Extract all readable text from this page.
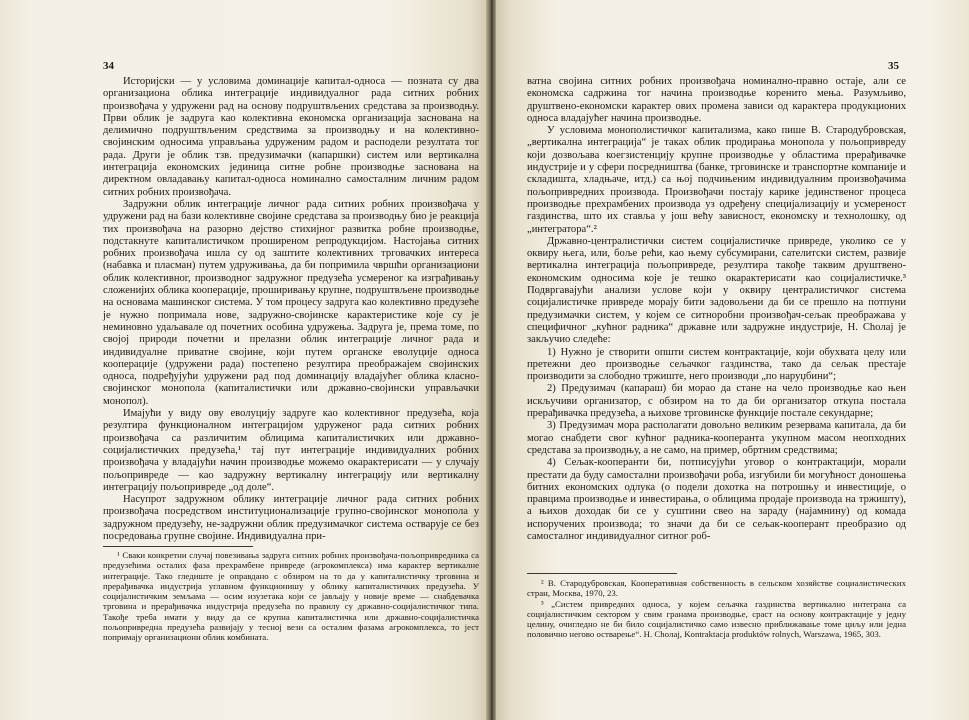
34	35

Историјски — у условима доминације капитал-односа — позната су два организациона облика интеграције индивидуалног рада ситних робних произвођача у удружени рад на основу подруштвљених средстава за производњу. Први облик је задруга као колективна економска организација заснована на делимично подруштвљеним средствима за производњу и на колективно-својинским односима управљања удруженим радом и расподели резултата тог рада. Други је облик тзв. предузимачки (капаршки) систем или вертикална интеграција економских јединица ситне робне производње заснована на директном овладавању капитал-односа номинално самосталним личним радом ситних робних произвођача.

Задружни облик интеграције личног рада ситних робних произвођача у удружени рад на бази колективне својине средстава за производњу био је реакција тих произвођача на разорно дејство стихијног развитка робне производње, подстакнуте капиталистичком проширеном репродукцијом. Настојања ситних робних произвођача ишла су од заштите колективних трговачких интереса (набавка и пласман) путем удруживања, да би попримила чвршћи организациони облик колективног, производног задружног предузећа усмереног ка изграђивању сложенијих облика кооперације, проширивању крупне, подруштвљене производње на основама машинског система. У том процесу задруга као колективно предузеће је нужно попримала нове, задружно-својинске карактеристике које су је неминовно удаљавале од почетних особина удружења. Задруга је, према томе, по својој природи почетни и прелазни облик интеграције личног рада и индивидуалне приватне својине, који путем органске еволуције односа кооперације (удружени рада) постепено резултира преображајем својинских односа, подређујући удружени рад под доминацију владајућег облика класно-својинског монопола (капиталистички или државно-својински управљачки монопол).

Имајући у виду ову еволуцију задруге као колективног предузећа, која резултира функционалном интеграцијом удруженог рада ситних робних произвођача са различитим облицима капиталистичких или државно-социјалистичких предузећа,¹ тај пут интеграције индивидуалних робних произвођача у владајући начин производње можемо окарактерисати — у случају пољопривреде — као задружну вертикалну интеграцију или вертикалну интеграцију пољопривреде „од доле“.

Насупрот задружном облику интеграције личног рада ситних робних произвођача посредством институционализације групно-својинског монопола у задружном предузећу, не-задружни облик предузимачког система остварује се без посредовања групне својине. Индивидуална при-

¹ Сваки конкретни случај повезивања задруга ситних робних произвођача-пољопривредника са предузећима осталих фаза прехрамбене привреде (агрокомплекса) има карактер вертикалне интеграције. Тако гледиште је оправдано с обзиром на то да у капиталистичку трговина и прерађивачка индустрија углавном функционишу у облику капиталистичких предузећа. У социјалистичким земљама — осим изузетака који се јављају у новије време — снабдевачка трговина и прерађивачка индустрија предузећа по правилу су државно-социјалистичког типа. Такође треба имати у виду да се крупна капиталистичка или државно-социјалистичка пољопривредна предузећа развијају у тесној вези са осталим фазама агрокомплекса, то јест попримају организациони облик комбината.

ватна својина ситних робних произвођача номинално-правно остаје, али се економска садржина тог начина производње коренито мења. Разумљиво, друштвено-економски карактер ових промена зависи од карактера продукционих односа владајућег начина производње.

У условима монополистичког капитализма, како пише В. Стародубровская, „вертикална интеграција“ је таках облик продирања монопола у пољопривреду који дозвољава коегзистенцију крупне производње у областима прерађивачке индустрије и у сфери посредништва (банке, трговинске и транспортне компаније и складишта, хладњаче, итд.) са њој подчињеним индивидуалним произвођачима пољопривредних производа. Произвођачи постају карике јединственог процеса производње прехрамбених производа уз одређену специјализацију и усмереност газдинства, што их ставља у још већу зависност, економску и технолошку, од „интегратора“.²

Државно-централистички систем социјалистичке привреде, уколико се у оквиру њега, или, боље рећи, као њему субсумирани, сателитски систем, развије вертикална интеграција пољопривреде, резултира такође таквим друштвено-економским односима које је тешко окарактерисати као социјалистичке.³ Подвргавајући анализи услове који у оквиру централистичког система социјалистичке привреде морају бити задовољени да би се прешло на потпуни предузимачки систем, у којем се ситноробни произвођач-сељак преображава у специфичног „кућног радника“ државне или задружне индустрије, Н. Choлај је закључио следеће:

1) Нужно је створити општи систем контрактације, који обухвата целу или претежни део производње сељачког газдинства, тако да сељак престаје производити за слободно тржиште, него производи „по наруџбини“;

2) Предузимач (капараш) би морао да стане на чело производње као њен искључиви организатор, с обзиром на то да би организатор откупа постала прерађивачка предузећа, а њихове трговинске функције постале секундарне;

3) Предузимач мора располагати довољно великим резервама капитала, да би могао снабдети свог кућног радника-кооперанта укупном масом неопходних средстава за производњу, а не само, на пример, обртним средствима;

4) Сељак-кооперанти би, потписујући уговор о контрактацији, морали престати да буду самостални произвођачи роба, изгубили би могућност доношења битних економских одлука (о подели дохотка на потрошњу и инвестиције, о правцима производње и инвестирања, о облицима продаје производа на тржишту), а њихов доходак би се у суштини свео на зараду (најамнину) од комада испоручених производа; то значи да би се сељак-кооперант преобразио од самосталног индивидуалног ситног роб-

² В. Стародубровская, Кооперативная собственность в сельском хозяйстве социалистических стран, Москва, 1970, 23.

³ „Систем привредних односа, у којем сељачка газдинства вертикално интеграна са социјалистичким сектором у свим гранама производње, сраст на основу контрактације у једну целину, очигледно не би било социјалистичко само извесно приближавање томе циљу или једна половично негово остварење“. H. Choлај, Kontraktacja produktów rolnych, Warszawa, 1965, 303.
